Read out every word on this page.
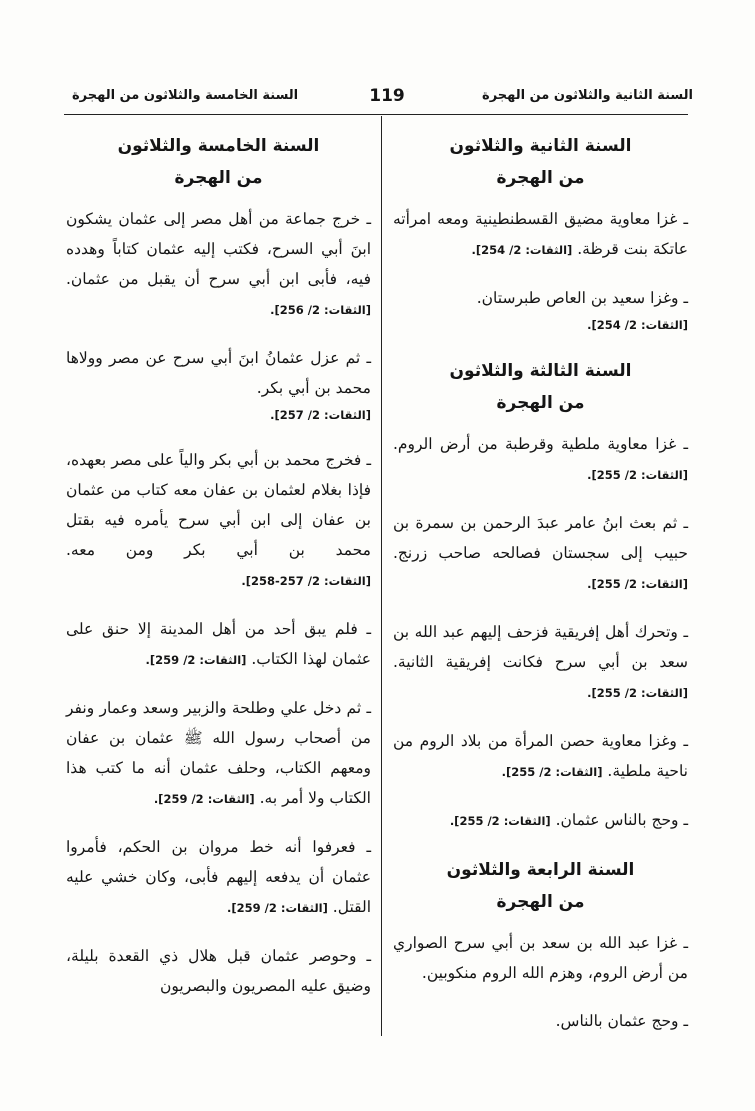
السنة الثانية والثلاثون من الهجرة
119
السنة الخامسة والثلاثون من الهجرة
السنة الثانية والثلاثون
من الهجرة

ـ غزا معاوية مضيق القسطنطينية ومعه امرأته عاتكة بنت قرظة. [الثقات: 2/ 254].

ـ وغزا سعيد بن العاص طبرستان.

[الثقات: 2/ 254].
السنة الثالثة والثلاثون
من الهجرة

ـ غزا معاوية ملطية وقرطبة من أرض الروم. [الثقات: 2/ 255].

ـ ثم بعث ابنُ عامر عبدَ الرحمن بن سمرة بن حبيب إلى سجستان فصالحه صاحب زرنج. [الثقات: 2/ 255].

ـ وتحرك أهل إفريقية فزحف إليهم عبد الله بن سعد بن أبي سرح فكانت إفريقية الثانية. [الثقات: 2/ 255].

ـ وغزا معاوية حصن المرأة من بلاد الروم من ناحية ملطية. [الثقات: 2/ 255].

ـ وحج بالناس عثمان. [الثقات: 2/ 255].

السنة الرابعة والثلاثون
من الهجرة

ـ غزا عبد الله بن سعد بن أبي سرح الصواري من أرض الروم، وهزم الله الروم منكوبين.

ـ وحج عثمان بالناس.

السنة الخامسة والثلاثون
من الهجرة

ـ خرج جماعة من أهل مصر إلى عثمان يشكون ابنَ أبي السرح، فكتب إليه عثمان كتاباً وهدده فيه، فأبى ابن أبي سرح أن يقبل من عثمان. [الثقات: 2/ 256].

ـ ثم عزل عثمانُ ابنَ أبي سرح عن مصر وولاها محمد بن أبي بكر.

[الثقات: 2/ 257].

ـ فخرج محمد بن أبي بكر والياً على مصر بعهده، فإذا بغلام لعثمان بن عفان معه كتاب من عثمان بن عفان إلى ابن أبي سرح يأمره فيه بقتل محمد بن أبي بكر ومن معه. [الثقات: 2/ 257-258].

ـ فلم يبق أحد من أهل المدينة إلا حنق على عثمان لهذا الكتاب. [الثقات: 2/ 259].

ـ ثم دخل علي وطلحة والزبير وسعد وعمار ونفر من أصحاب رسول الله ﷺ عثمان بن عفان ومعهم الكتاب، وحلف عثمان أنه ما كتب هذا الكتاب ولا أمر به. [الثقات: 2/ 259].

ـ فعرفوا أنه خط مروان بن الحكم، فأمروا عثمان أن يدفعه إليهم فأبى، وكان خشي عليه القتل. [الثقات: 2/ 259].

ـ وحوصر عثمان قبل هلال ذي القعدة بليلة، وضيق عليه المصريون والبصريون
